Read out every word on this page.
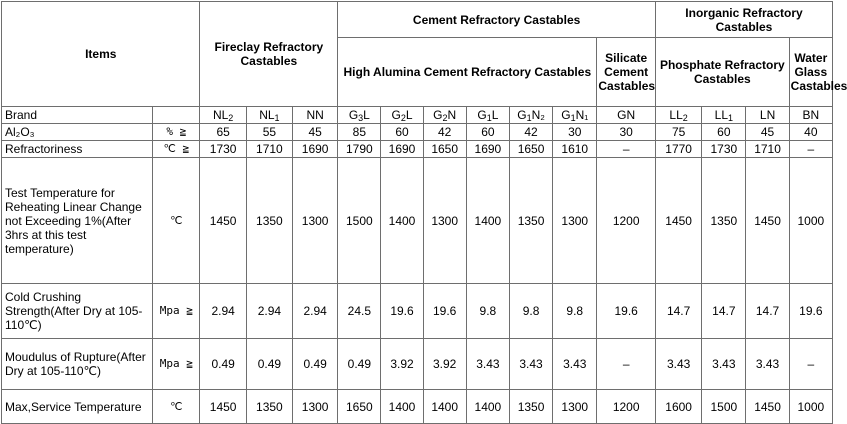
Items		Fireclay Refractory Castables			Cement Refractory Castables							Inorganic Refractory Castables			
					High Alumina Cement Refractory Castables						Silicate Cement Castables	Phosphate Refractory Castables			Water Glass Castables
Brand		$NL_2$	$NL_1$	NN	$G_3L$	$G_2L$	$G_2N$	$G_1L$	$G_1N_2$	$G_1N_1$	GN	$LL_2$	$LL_1$	LN	BN
Al₂O₃	% ≧	65	55	45	85	60	42	60	42	30	30	75	60	45	40
Refractoriness	℃ ≧	1730	1710	1690	1790	1690	1650	1690	1650	1610	–	1770	1730	1710	–
Test Temperature for Reheating Linear Change not Exceeding 1%(After 3hrs at this test temperature)	℃	1450	1350	1300	1500	1400	1300	1400	1350	1300	1200	1450	1350	1450	1000
Cold Crushing Strength(After Dry at 105-110℃)	Mpa ≧	2.94	2.94	2.94	24.5	19.6	19.6	9.8	9.8	9.8	19.6	14.7	14.7	14.7	19.6
Moudulus of Rupture(After Dry at 105-110℃)	Mpa ≧	0.49	0.49	0.49	0.49	3.92	3.92	3.43	3.43	3.43	–	3.43	3.43	3.43	–
Max,Service Temperature	℃	1450	1350	1300	1650	1400	1400	1400	1350	1300	1200	1600	1500	1450	1000
